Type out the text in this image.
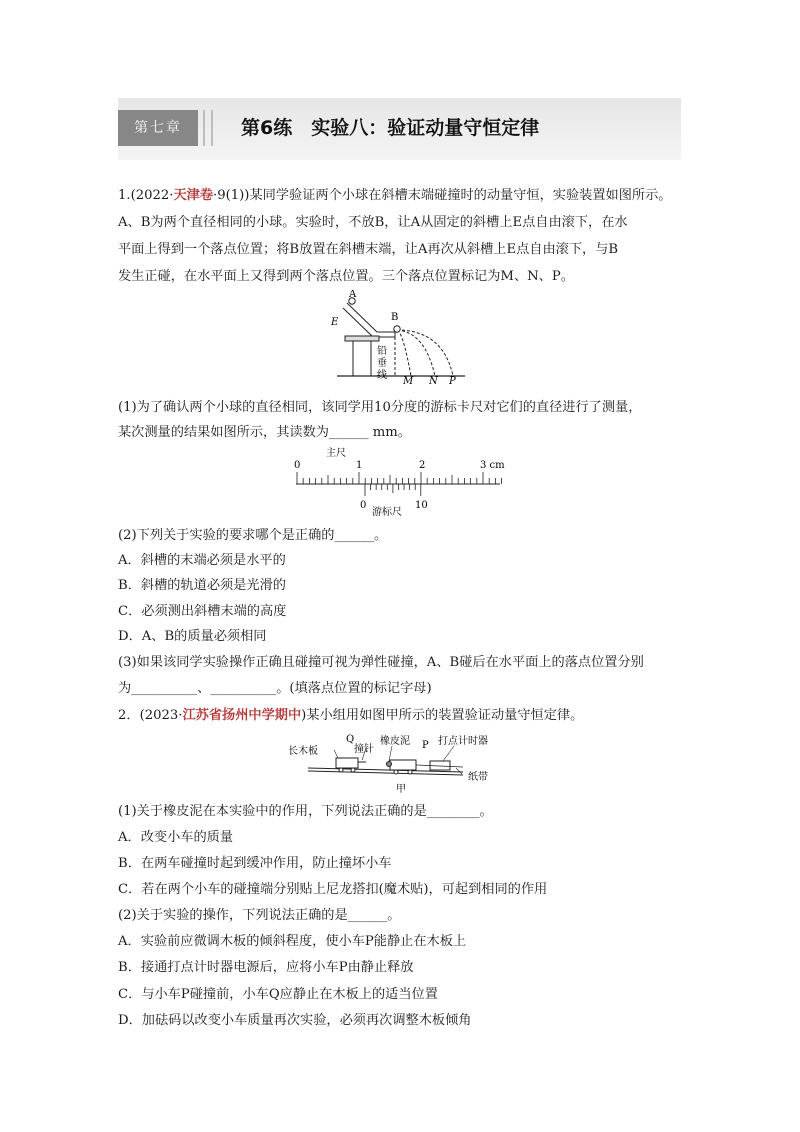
第七章	第6练　实验八：验证动量守恒定律
1.(2022·天津卷·9(1))某同学验证两个小球在斜槽末端碰撞时的动量守恒，实验装置如图所示。
A、B为两个直径相同的小球。实验时，不放B，让A从固定的斜槽上E点自由滚下，在水
平面上得到一个落点位置；将B放置在斜槽末端，让A再次从斜槽上E点自由滚下，与B
发生正碰，在水平面上又得到两个落点位置。三个落点位置标记为M、N、P。
A
B
E
M N P
铅
垂
线
(1)为了确认两个小球的直径相同，该同学用10分度的游标卡尺对它们的直径进行了测量，
某次测量的结果如图所示，其读数为______ mm。
主尺
0	1	2	3 cm
0	10
游标尺
(2)下列关于实验的要求哪个是正确的______。
A．斜槽的末端必须是水平的
B．斜槽的轨道必须是光滑的
C．必须测出斜槽末端的高度
D．A、B的质量必须相同
(3)如果该同学实验操作正确且碰撞可视为弹性碰撞，A、B碰后在水平面上的落点位置分别
为__________、__________。(填落点位置的标记字母)
2．(2023·江苏省扬州中学期中)某小组用如图甲所示的装置验证动量守恒定律。
长木板
Q
撞针
橡皮泥 P 打点计时器
纸带
甲
(1)关于橡皮泥在本实验中的作用，下列说法正确的是________。
A．改变小车的质量
B．在两车碰撞时起到缓冲作用，防止撞坏小车
C．若在两个小车的碰撞端分别贴上尼龙搭扣(魔术贴)，可起到相同的作用
(2)关于实验的操作，下列说法正确的是______。
A．实验前应微调木板的倾斜程度，使小车P能静止在木板上
B．接通打点计时器电源后，应将小车P由静止释放
C．与小车P碰撞前，小车Q应静止在木板上的适当位置
D．加砝码以改变小车质量再次实验，必须再次调整木板倾角
